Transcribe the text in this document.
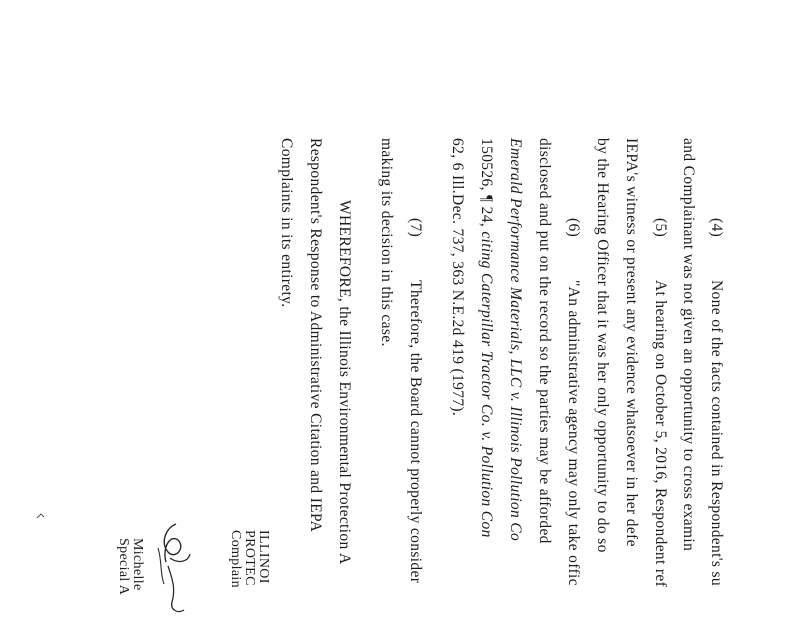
(4)
None of the facts contained in Respondent's su
and Complainant was not given an opportunity to cross examin
(5)
At hearing on October 5, 2016, Respondent ref
IEPA's witness or present any evidence whatsoever in her defe
by the Hearing Officer that it was her only opportunity to do so
(6)
"An administrative agency may only take offic
disclosed and put on the record so the parties may be afforded
Emerald Performance Materials, LLC v. Illinois Pollution Co
150526, ¶ 24, citing Caterpillar Tractor Co. v. Pollution Con
62, 6 Ill.Dec. 737, 363 N.E.2d 419 (1977).
(7)
Therefore, the Board cannot properly consider
making its decision in this case.
WHEREFORE, the Illinois Environmental Protection A
Respondent's Response to Administrative Citation and IEPA
Complaints in its entirety.
ILLINOI
PROTEC
Complain
Michelle
Special A
